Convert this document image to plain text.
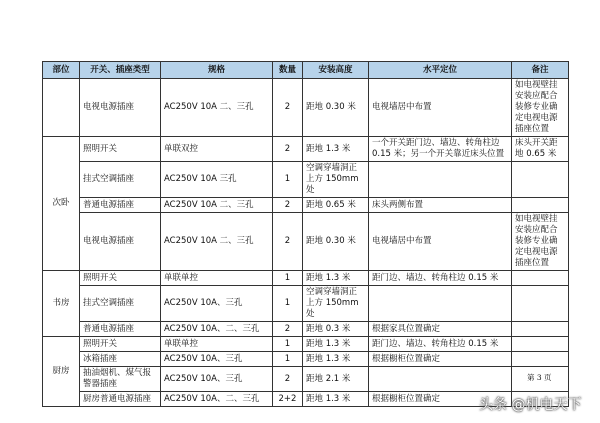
部位	开关、插座类型	规格	数量	安装高度	水平定位	备注
	电视电源插座	AC250V 10A 二、三孔	2	距地 0.30 米	电视墙居中布置	如电视壁挂安装应配合装修专业确定电视电源插座位置
次卧	照明开关	单联双控	2	距地 1.3 米	一个开关距门边、墙边、转角柱边 0.15 米；另一个开关靠近床头位置	床头开关距地 0.65 米
	挂式空调插座	AC250V 10A 三孔	1	空调穿墙洞正上方 150mm 处		
	普通电源插座	AC250V 10A 二、三孔	2	距地 0.65 米	床头两侧布置	
	电视电源插座	AC250V 10A 二、三孔	2	距地 0.30 米	电视墙居中布置	如电视壁挂安装应配合装修专业确定电视电源插座位置
书房	照明开关	单联单控	1	距地 1.3 米	距门边、墙边、转角柱边 0.15 米	
	挂式空调插座	AC250V 10A、三孔	1	空调穿墙洞正上方 150mm 处		
	普通电源插座	AC250V 10A、二、三孔	2	距地 0.3 米	根据家具位置确定	
厨房	照明开关	单联单控	1	距地 1.3 米	距门边、墙边、转角柱边 0.15 米	
	冰箱插座	AC250V 10A、三孔	1	距地 1.3 米	根据橱柜位置确定	
	抽油烟机、煤气报警器插座	AC250V 10A、三孔	2	距地 2.1 米		
	厨房普通电源插座	AC250V 10A、二、三孔	2+2	距地 1.3 米	根据橱柜位置确定	
第 3 页
头条 @机电天下
